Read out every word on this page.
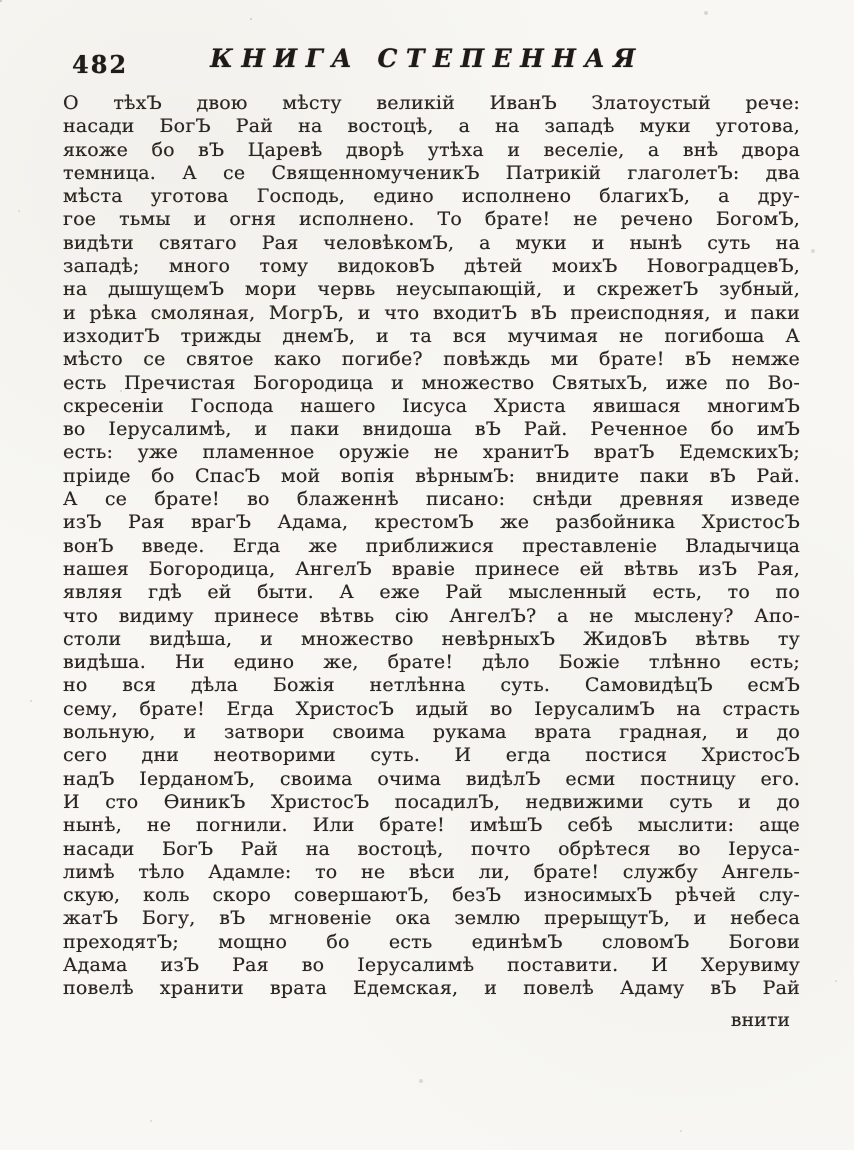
482	КНИГА СТЕПЕННАЯ
О тѣхЪ двою мѣсту великій ИванЪ Златоустый рече:
насади БогЪ Рай на востоцѣ, а на западѣ муки уготова,
якоже бо вЪ Царевѣ дворѣ утѣха и веселіе, а внѣ двора
темница. А се СвященномученикЪ Патрикій глаголетЪ: два
мѣста уготова Господь, едино исполнено благихЪ, а дру-
гое тьмы и огня исполнено. То брате! не речено БогомЪ,
видѣти святаго Рая человѣкомЪ, а муки и нынѣ суть на
западѣ; много тому видоковЪ дѣтей моихЪ НовоградцевЪ,
на дышущемЪ мори червь неусыпающій, и скрежетЪ зубный,
и рѣка смоляная, МогрЪ, и что входитЪ вЪ преисподняя, и паки
изходитЪ трижды днемЪ, и та вся мучимая не погибоша А
мѣсто се святое како погибе? повѣждь ми брате! вЪ немже
есть Пречистая Богородица и множество СвятыхЪ, иже по Во-
скресеніи Господа нашего Іисуса Христа явишася многимЪ
во Іерусалимѣ, и паки внидоша вЪ Рай. Реченное бо имЪ
есть: уже пламенное оружіе не хранитЪ вратЪ ЕдемскихЪ;
пріиде бо СпасЪ мой вопія вѣрнымЪ: внидите паки вЪ Рай.
А се брате! во блаженнѣ писано: снѣди древняя изведе
изЪ Рая врагЪ Адама, крестомЪ же разбойника ХристосЪ
вонЪ введе. Егда же приближися преставленіе Владычица
нашея Богородица, АнгелЪ вравіе принесе ей вѣтвь изЪ Рая,
являя гдѣ ей быти. А еже Рай мысленный есть, то по
что видиму принесе вѣтвь сію АнгелЪ? а не мыслену? Апо-
столи видѣша, и множество невѣрныхЪ ЖидовЪ вѣтвь ту
видѣша. Ни едино же, брате! дѣло Божіе тлѣнно есть;
но вся дѣла Божія нетлѣнна суть. СамовидѣцЪ есмЪ
сему, брате! Егда ХристосЪ идый во ІерусалимЪ на страсть
вольную, и затвори своима рукама врата градная, и до
сего дни неотворими суть. И егда постися ХристосЪ
надЪ ІерданомЪ, своима очима видѣлЪ есми постницу его.
И сто ѲиникЪ ХристосЪ посадилЪ, недвижими суть и до
нынѣ, не погнили. Или брате! имѣшЪ себѣ мыслити: аще
насади БогЪ Рай на востоцѣ, почто обрѣтеся во Іеруса-
лимѣ тѣло Адамле: то не вѣси ли, брате! службу Ангель-
скую, коль скоро совершаютЪ, безЪ износимыхЪ рѣчей слу-
жатЪ Богу, вЪ мгновеніе ока землю прерыщутЪ, и небеса
преходятЪ; мощно бо есть единѣмЪ словомЪ Богови
Адама изЪ Рая во Іерусалимѣ поставити. И Херувиму
повелѣ хранити врата Едемская, и повелѣ Адаму вЪ Рай
внити
